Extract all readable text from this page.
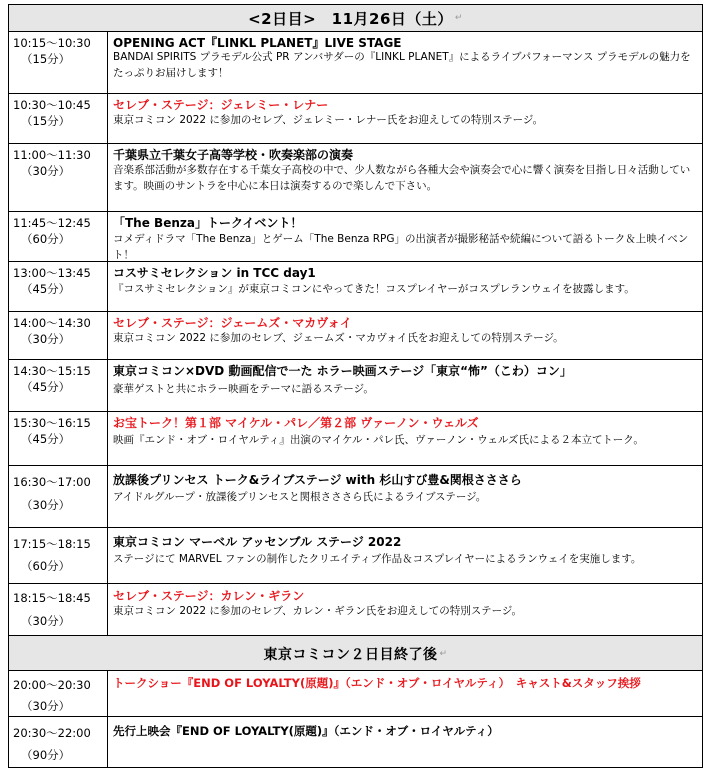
<2日目>　11月26日（土） ↵
10:15〜10:30
（15分）
OPENING ACT『LINKL PLANET』LIVE STAGE
BANDAI SPIRITS プラモデル公式 PR アンバサダーの『LINKL PLANET』によるライブパフォーマンス プラモデルの魅力をたっぷりお届けします！
10:30〜10:45
（15分）
セレブ・ステージ：ジェレミー・レナー
東京コミコン 2022 に参加のセレブ、ジェレミー・レナー氏をお迎えしての特別ステージ。
11:00〜11:30
（30分）
千葉県立千葉女子高等学校・吹奏楽部の演奏
音楽系部活動が多数存在する千葉女子高校の中で、少人数ながら各種大会や演奏会で心に響く演奏を目指し日々活動しています。映画のサントラを中心に本日は演奏するので楽しんで下さい。
11:45〜12:45
（60分）
「The Benza」トークイベント！
コメディドラマ「The Benza」とゲーム「The Benza RPG」の出演者が撮影秘話や続編について語るトーク＆上映イベント！
13:00〜13:45
（45分）
コスサミセレクション in TCC day1
『コスサミセレクション』が東京コミコンにやってきた！コスプレイヤーがコスプレランウェイを披露します。
14:00〜14:30
（30分）
セレブ・ステージ：ジェームズ・マカヴォイ
東京コミコン 2022 に参加のセレブ、ジェームズ・マカヴォイ氏をお迎えしての特別ステージ。
14:30〜15:15
（45分）
東京コミコン×DVD 動画配信で一た ホラー映画ステージ「東京“怖”（こわ）コン」
豪華ゲストと共にホラー映画をテーマに語るステージ。
15:30〜16:15
（45分）
お宝トーク！第１部 マイケル・パレ／第２部 ヴァーノン・ウェルズ
映画『エンド・オブ・ロイヤルティ』出演のマイケル・パレ氏、ヴァーノン・ウェルズ氏による２本立てトーク。
16:30〜17:00
（30分）
放課後プリンセス トーク&ライブステージ with 杉山すび豊&関根さささら
アイドルグループ・放課後プリンセスと関根さささら氏によるライブステージ。
17:15〜18:15
（60分）
東京コミコン マーベル アッセンブル ステージ 2022
ステージにて MARVEL ファンの制作したクリエイティブ作品＆コスプレイヤーによるランウェイを実施します。
18:15〜18:45
（30分）
セレブ・ステージ：カレン・ギラン
東京コミコン 2022 に参加のセレブ、カレン・ギラン氏をお迎えしての特別ステージ。
東京コミコン２日目終了後 ↵
20:00〜20:30
（30分）
トークショー『END OF LOYALTY(原題)』（エンド・オブ・ロイヤルティ）　キャスト&スタッフ挨拶
20:30〜22:00
（90分）
先行上映会『END OF LOYALTY(原題)』（エンド・オブ・ロイヤルティ）
